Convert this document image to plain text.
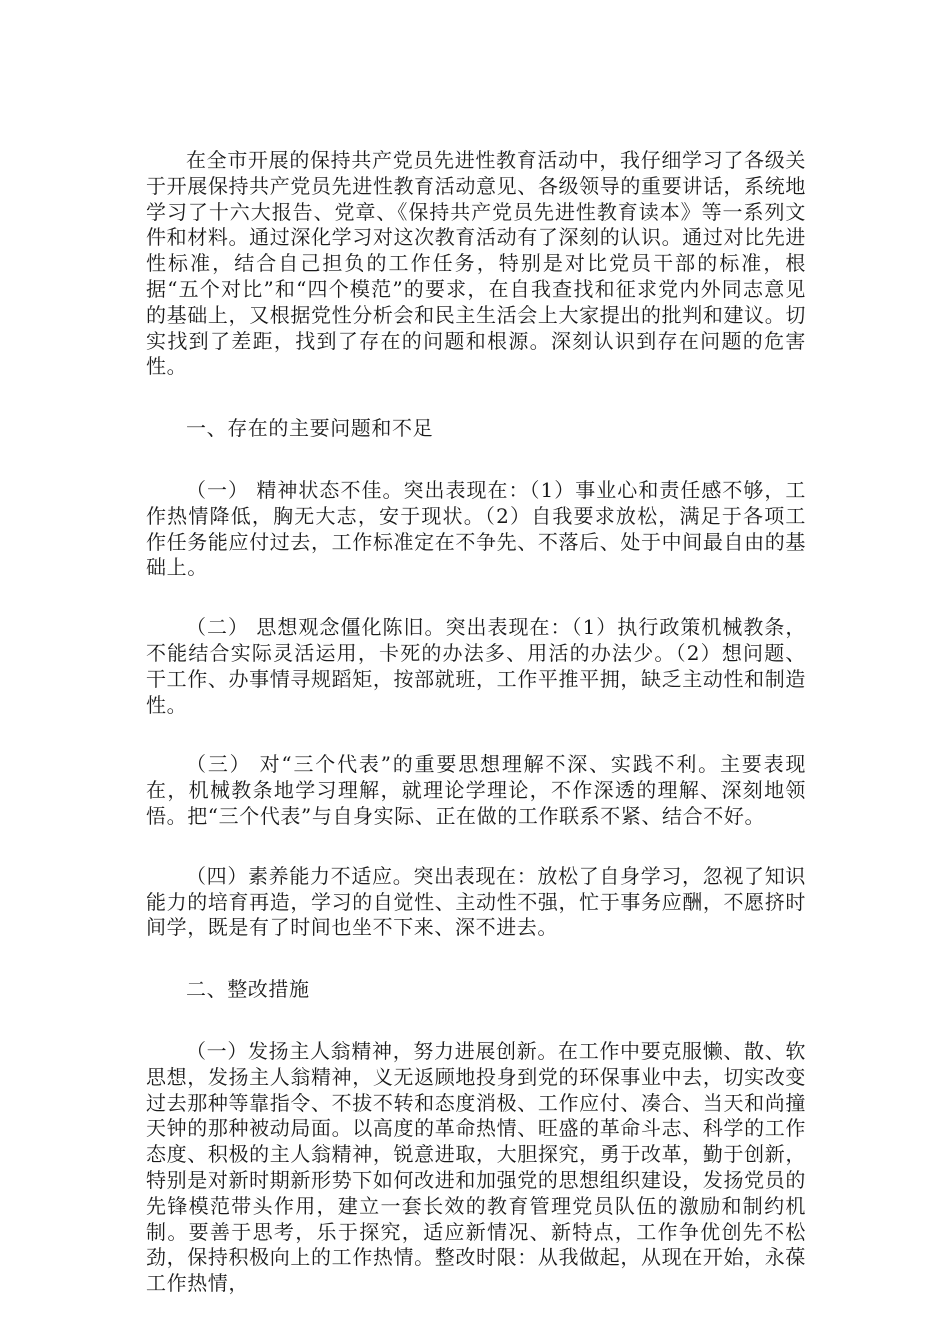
在全市开展的保持共产党员先进性教育活动中，我仔细学习了各级关于开展保持共产党员先进性教育活动意见、各级领导的重要讲话，系统地学习了十六大报告、党章、《保持共产党员先进性教育读本》等一系列文件和材料。通过深化学习对这次教育活动有了深刻的认识。通过对比先进性标准，结合自己担负的工作任务，特别是对比党员干部的标准，根据“五个对比”和“四个模范”的要求，在自我查找和征求党内外同志意见的基础上，又根据党性分析会和民主生活会上大家提出的批判和建议。切实找到了差距，找到了存在的问题和根源。深刻认识到存在问题的危害性。

一、存在的主要问题和不足

（一） 精神状态不佳。突出表现在：（1）事业心和责任感不够，工作热情降低，胸无大志，安于现状。（2）自我要求放松，满足于各项工作任务能应付过去，工作标准定在不争先、不落后、处于中间最自由的基础上。

（二） 思想观念僵化陈旧。突出表现在：（1）执行政策机械教条，不能结合实际灵活运用，卡死的办法多、用活的办法少。（2）想问题、干工作、办事情寻规蹈矩，按部就班，工作平推平拥，缺乏主动性和制造性。

（三） 对“三个代表”的重要思想理解不深、实践不利。主要表现在，机械教条地学习理解，就理论学理论，不作深透的理解、深刻地领悟。把“三个代表”与自身实际、正在做的工作联系不紧、结合不好。

（四）素养能力不适应。突出表现在：放松了自身学习，忽视了知识能力的培育再造，学习的自觉性、主动性不强，忙于事务应酬，不愿挤时间学，既是有了时间也坐不下来、深不进去。

二、整改措施

（一）发扬主人翁精神，努力进展创新。在工作中要克服懒、散、软思想，发扬主人翁精神，义无返顾地投身到党的环保事业中去，切实改变过去那种等靠指令、不拔不转和态度消极、工作应付、凑合、当天和尚撞天钟的那种被动局面。以高度的革命热情、旺盛的革命斗志、科学的工作态度、积极的主人翁精神，锐意进取，大胆探究，勇于改革，勤于创新，特别是对新时期新形势下如何改进和加强党的思想组织建设，发扬党员的先锋模范带头作用，建立一套长效的教育管理党员队伍的激励和制约机制。要善于思考，乐于探究，适应新情况、新特点，工作争优创先不松劲，保持积极向上的工作热情。整改时限：从我做起，从现在开始，永葆工作热情，
